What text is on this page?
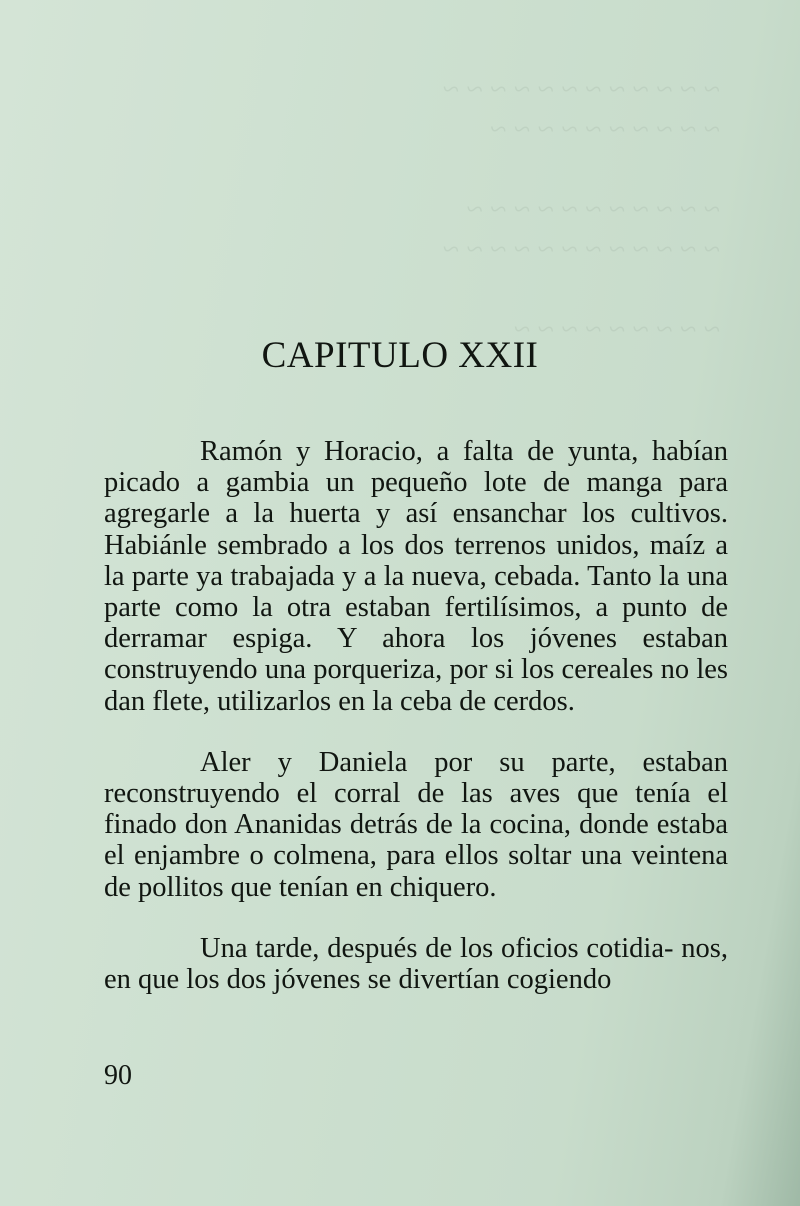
~ ~ ~ ~ ~ ~ ~ ~ ~ ~ ~ ~
~ ~ ~ ~ ~ ~ ~ ~ ~ ~

~ ~ ~ ~ ~ ~ ~ ~ ~ ~ ~
~ ~ ~ ~ ~ ~ ~ ~ ~ ~ ~ ~

~ ~ ~ ~ ~ ~ ~ ~ ~
CAPITULO XXII

Ramón y Horacio, a falta de yunta, habían picado a gambia un pequeño lote de manga para agregarle a la huerta y así ensanchar los cultivos. Habiánle sembrado a los dos terrenos unidos, maíz a la parte ya trabajada y a la nueva, cebada. Tanto la una parte como la otra estaban fertilísimos, a punto de derramar espiga. Y ahora los jóvenes estaban construyendo una porqueriza, por si los cereales no les dan flete, utilizarlos en la ceba de cerdos.

Aler y Daniela por su parte, estaban reconstruyendo el corral de las aves que tenía el finado don Ananidas detrás de la cocina, donde estaba el enjambre o colmena, para ellos soltar una veintena de pollitos que tenían en chiquero.

Una tarde, después de los oficios cotidia- nos, en que los dos jóvenes se divertían cogiendo

90
